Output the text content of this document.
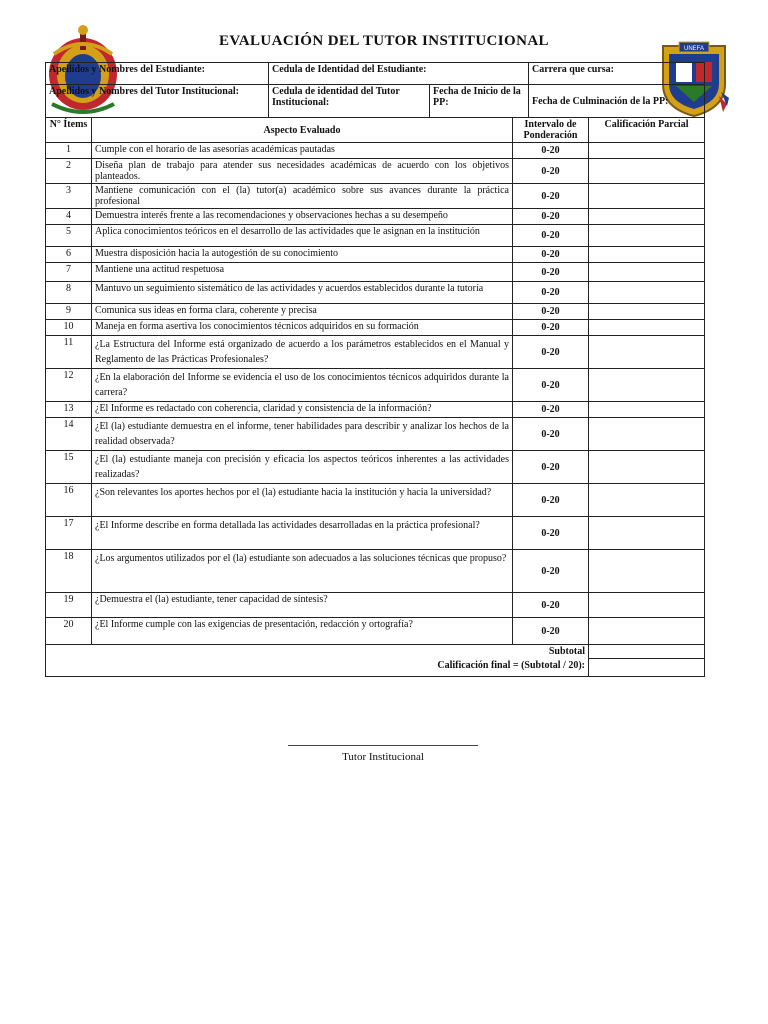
UNEFA
EVALUACIÓN DEL TUTOR INSTITUCIONAL
Apellidos y Nombres del Estudiante:	Cedula de Identidad del Estudiante:		Carrera que cursa:
Apellidos y Nombres del Tutor Institucional:	Cedula de identidad del Tutor Institucional:	Fecha de Inicio de la PP:	Fecha de Culminación de la PP:
N° Ítems	Aspecto Evaluado	Intervalo de Ponderación	Calificación Parcial
1	Cumple con el horario de las asesorías académicas pautadas	0-20	
2	Diseña plan de trabajo para atender sus necesidades académicas de acuerdo con los objetivos planteados.	0-20	
3	Mantiene comunicación con el (la) tutor(a) académico sobre sus avances durante la práctica profesional	0-20	
4	Demuestra interés frente a las recomendaciones y observaciones hechas a su desempeño	0-20	
5	Aplica conocimientos teóricos en el desarrollo de las actividades que le asignan en la institución	0-20	
6	Muestra disposición hacia la autogestión de su conocimiento	0-20	
7	Mantiene una actitud respetuosa	0-20	
8	Mantuvo un seguimiento sistemático de las actividades y acuerdos establecidos durante la tutoría	0-20	
9	Comunica sus ideas en forma clara, coherente y precisa	0-20	
10	Maneja en forma asertiva los conocimientos técnicos adquiridos en su formación	0-20	
11	¿La Estructura del Informe está organizado de acuerdo a los parámetros establecidos en el Manual y Reglamento de las Prácticas Profesionales?	0-20	
12	¿En la elaboración del Informe se evidencia el uso de los conocimientos técnicos adquiridos durante la carrera?	0-20	
13	¿El Informe es redactado con coherencia, claridad y consistencia de la información?	0-20	
14	¿El (la) estudiante demuestra en el informe, tener habilidades para describir y analizar los hechos de la realidad observada?	0-20	
15	¿El (la) estudiante maneja con precisión y eficacia los aspectos teóricos inherentes a las actividades realizadas?	0-20	
16	¿Son relevantes los aportes hechos por el (la) estudiante hacia la institución y hacia la universidad?	0-20	
17	¿El Informe describe en forma detallada las actividades desarrolladas en la práctica profesional?	0-20	
18	¿Los argumentos utilizados por el (la) estudiante son adecuados a las soluciones técnicas que propuso?	0-20	
19	¿Demuestra el (la) estudiante, tener capacidad de síntesis?	0-20	
20	¿El Informe cumple con las exigencias de presentación, redacción y ortografía?	0-20	
Subtotal			
Calificación final = (Subtotal / 20):			
Tutor Institucional
